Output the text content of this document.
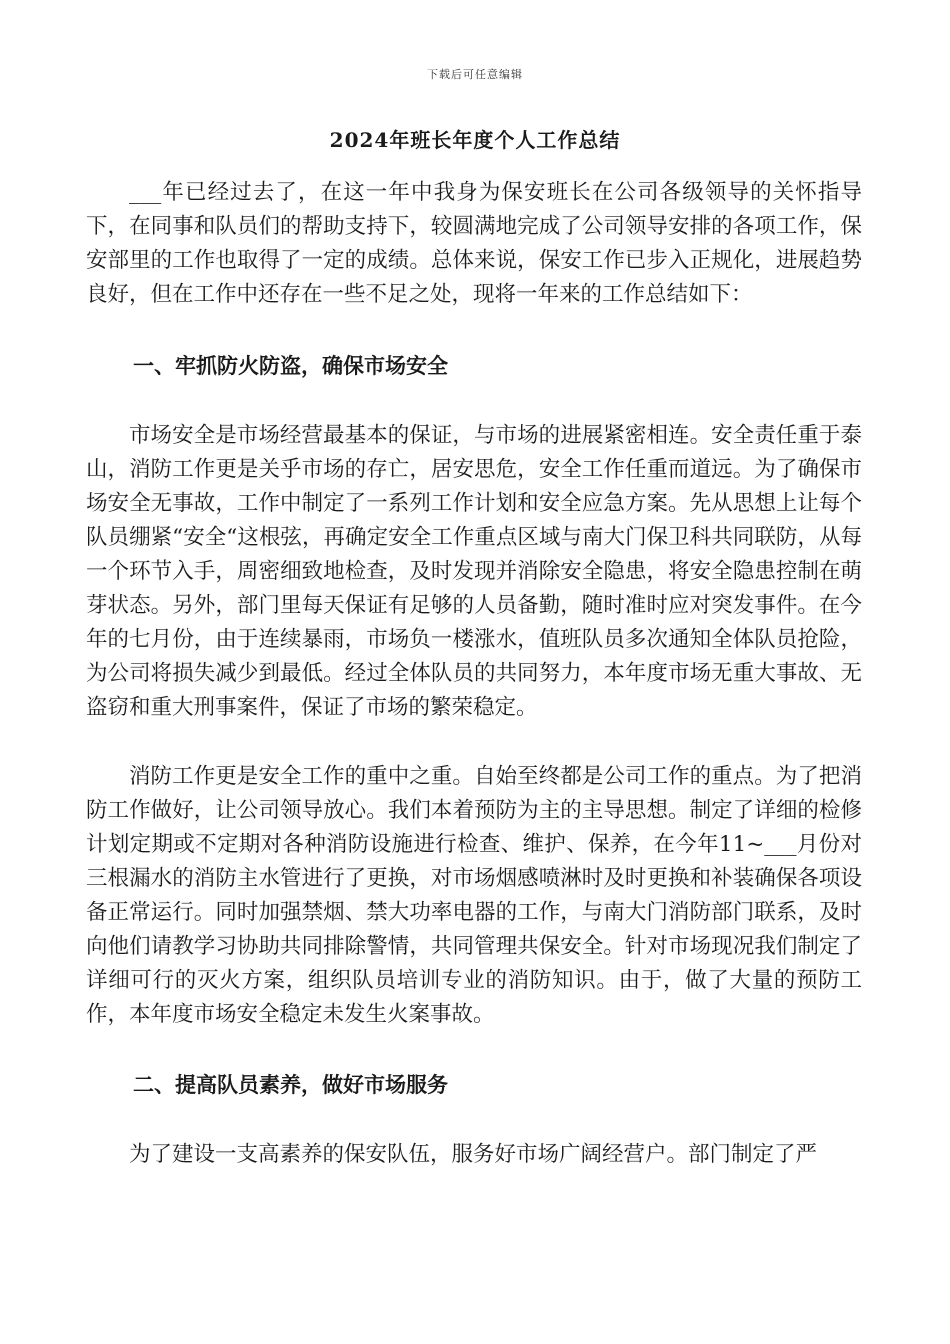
下载后可任意编辑
2024年班长年度个人工作总结

___年已经过去了，在这一年中我身为保安班长在公司各级领导的关怀指导下，在同事和队员们的帮助支持下，较圆满地完成了公司领导安排的各项工作，保安部里的工作也取得了一定的成绩。总体来说，保安工作已步入正规化，进展趋势良好，但在工作中还存在一些不足之处，现将一年来的工作总结如下：

一、牢抓防火防盗，确保市场安全

市场安全是市场经营最基本的保证，与市场的进展紧密相连。安全责任重于泰山，消防工作更是关乎市场的存亡，居安思危，安全工作任重而道远。为了确保市场安全无事故，工作中制定了一系列工作计划和安全应急方案。先从思想上让每个队员绷紧“安全“这根弦，再确定安全工作重点区域与南大门保卫科共同联防，从每一个环节入手，周密细致地检查，及时发现并消除安全隐患，将安全隐患控制在萌芽状态。另外，部门里每天保证有足够的人员备勤，随时准时应对突发事件。在今年的七月份，由于连续暴雨，市场负一楼涨水，值班队员多次通知全体队员抢险，为公司将损失减少到最低。经过全体队员的共同努力，本年度市场无重大事故、无盗窃和重大刑事案件，保证了市场的繁荣稳定。

消防工作更是安全工作的重中之重。自始至终都是公司工作的重点。为了把消防工作做好，让公司领导放心。我们本着预防为主的主导思想。制定了详细的检修计划定期或不定期对各种消防设施进行检查、维护、保养，在今年11~___月份对三根漏水的消防主水管进行了更换，对市场烟感喷淋时及时更换和补装确保各项设备正常运行。同时加强禁烟、禁大功率电器的工作，与南大门消防部门联系，及时向他们请教学习协助共同排除警情，共同管理共保安全。针对市场现况我们制定了详细可行的灭火方案，组织队员培训专业的消防知识。由于，做了大量的预防工作，本年度市场安全稳定未发生火案事故。

二、提高队员素养，做好市场服务

为了建设一支高素养的保安队伍，服务好市场广阔经营户。部门制定了严
